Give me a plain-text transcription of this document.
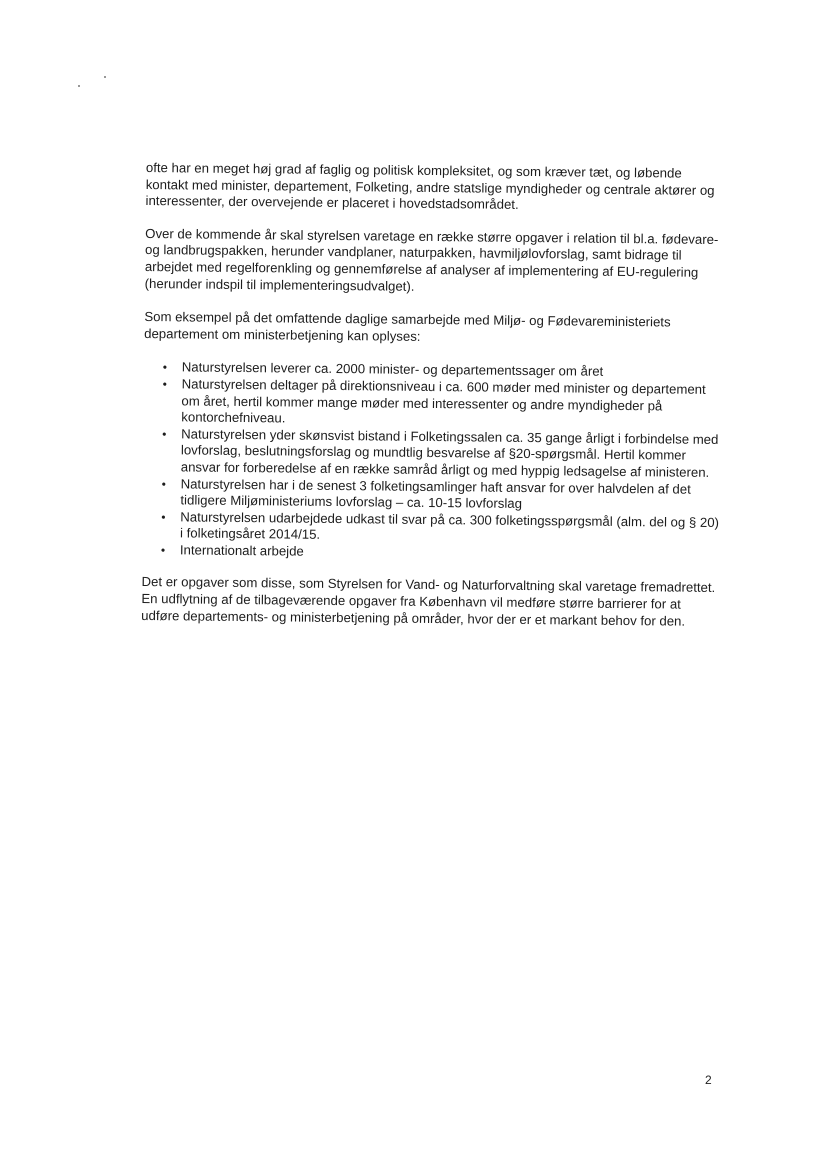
ofte har en meget høj grad af faglig og politisk kompleksitet, og som kræver tæt, og løbende kontakt med minister, departement, Folketing, andre statslige myndigheder og centrale aktører og interessenter, der overvejende er placeret i hovedstadsområdet.

Over de kommende år skal styrelsen varetage en række større opgaver i relation til bl.a. fødevare- og landbrugspakken, herunder vandplaner, naturpakken, havmiljølovforslag, samt bidrage til arbejdet med regelforenkling og gennemførelse af analyser af implementering af EU-regulering (herunder indspil til implementeringsudvalget).

Som eksempel på det omfattende daglige samarbejde med Miljø- og Fødevareministeriets departement om ministerbetjening kan oplyses:

• Naturstyrelsen leverer ca. 2000 minister- og departementssager om året
• Naturstyrelsen deltager på direktionsniveau i ca. 600 møder med minister og departement om året, hertil kommer mange møder med interessenter og andre myndigheder på kontorchefniveau.
• Naturstyrelsen yder skønsvist bistand i Folketingssalen ca. 35 gange årligt i forbindelse med lovforslag, beslutningsforslag og mundtlig besvarelse af §20-spørgsmål. Hertil kommer ansvar for forberedelse af en række samråd årligt og med hyppig ledsagelse af ministeren.
• Naturstyrelsen har i de senest 3 folketingsamlinger haft ansvar for over halvdelen af det tidligere Miljøministeriums lovforslag – ca. 10-15 lovforslag
• Naturstyrelsen udarbejdede udkast til svar på ca. 300 folketingsspørgsmål (alm. del og § 20) i folketingsåret 2014/15.
• Internationalt arbejde

Det er opgaver som disse, som Styrelsen for Vand- og Naturforvaltning skal varetage fremadrettet. En udflytning af de tilbageværende opgaver fra København vil medføre større barrierer for at udføre departements- og ministerbetjening på områder, hvor der er et markant behov for den.

2
